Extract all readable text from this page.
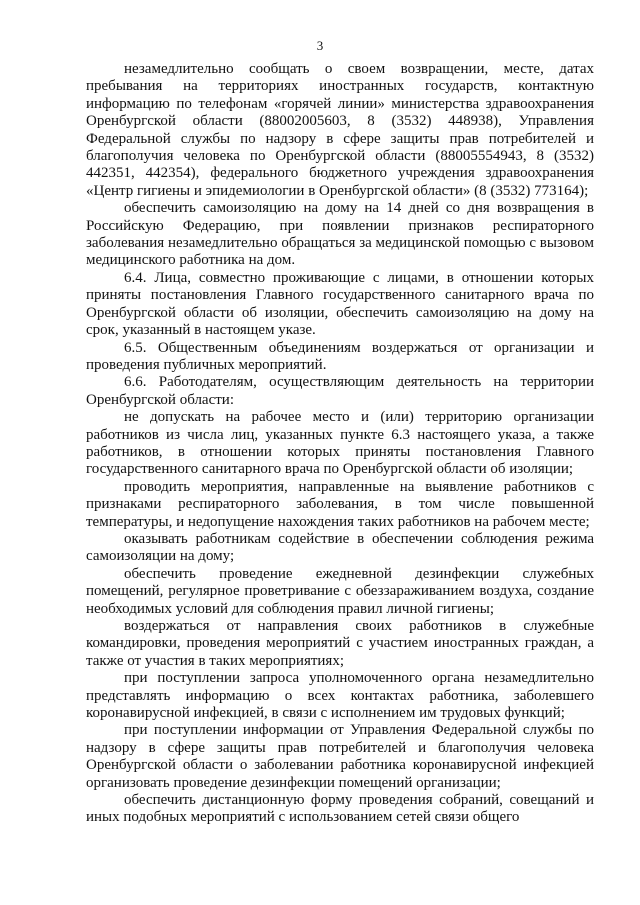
3

незамедлительно сообщать о своем возвращении, месте, датах пребывания на территориях иностранных государств, контактную информацию по телефонам «горячей линии» министерства здравоохранения Оренбургской области (88002005603, 8 (3532) 448938), Управления Федеральной службы по надзору в сфере защиты прав потребителей и благополучия человека по Оренбургской области (88005554943, 8 (3532) 442351, 442354), федерального бюджетного учреждения здравоохранения «Центр гигиены и эпидемиологии в Оренбургской области» (8 (3532) 773164);

обеспечить самоизоляцию на дому на 14 дней со дня возвращения в Российскую Федерацию, при появлении признаков респираторного заболевания незамедлительно обращаться за медицинской помощью с вызовом медицинского работника на дом.

6.4. Лица, совместно проживающие с лицами, в отношении которых приняты постановления Главного государственного санитарного врача по Оренбургской области об изоляции, обеспечить самоизоляцию на дому на срок, указанный в настоящем указе.

6.5. Общественным объединениям воздержаться от организации и проведения публичных мероприятий.

6.6. Работодателям, осуществляющим деятельность на территории Оренбургской области:

не допускать на рабочее место и (или) территорию организации работников из числа лиц, указанных пункте 6.3 настоящего указа, а также работников, в отношении которых приняты постановления Главного государственного санитарного врача по Оренбургской области об изоляции;

проводить мероприятия, направленные на выявление работников с признаками респираторного заболевания, в том числе повышенной температуры, и недопущение нахождения таких работников на рабочем месте;

оказывать работникам содействие в обеспечении соблюдения режима самоизоляции на дому;

обеспечить проведение ежедневной дезинфекции служебных помещений, регулярное проветривание с обеззараживанием воздуха, создание необходимых условий для соблюдения правил личной гигиены;

воздержаться от направления своих работников в служебные командировки, проведения мероприятий с участием иностранных граждан, а также от участия в таких мероприятиях;

при поступлении запроса уполномоченного органа незамедлительно представлять информацию о всех контактах работника, заболевшего коронавирусной инфекцией, в связи с исполнением им трудовых функций;

при поступлении информации от Управления Федеральной службы по надзору в сфере защиты прав потребителей и благополучия человека Оренбургской области о заболевании работника коронавирусной инфекцией организовать проведение дезинфекции помещений организации;

обеспечить дистанционную форму проведения собраний, совещаний и иных подобных мероприятий с использованием сетей связи общего
